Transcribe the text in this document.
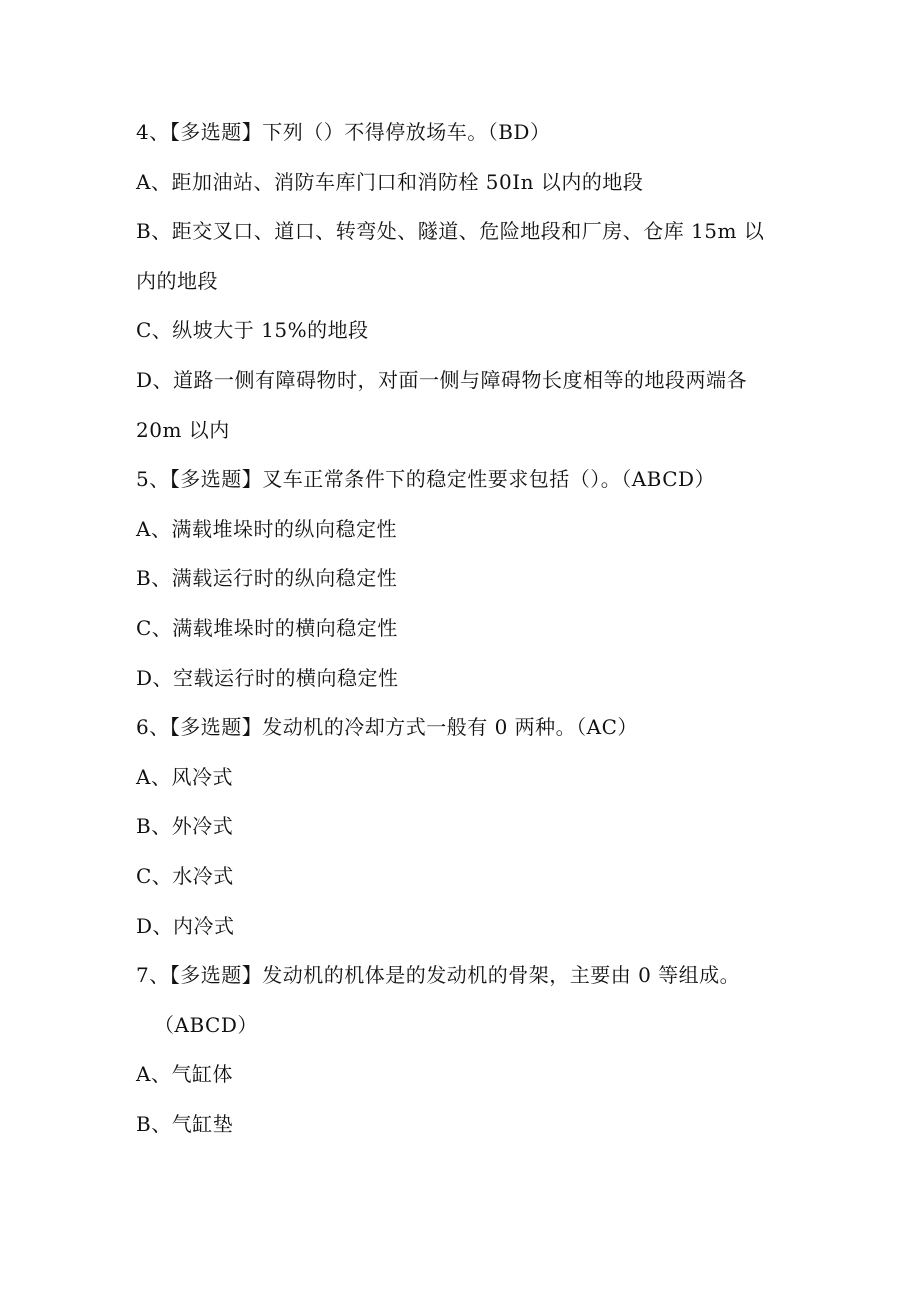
4、【多选题】下列（）不得停放场车。（BD）
A、距加油站、消防车库门口和消防栓 50In 以内的地段
B、距交叉口、道口、转弯处、隧道、危险地段和厂房、仓库 15m 以
内的地段
C、纵坡大于 15%的地段
D、道路一侧有障碍物时，对面一侧与障碍物长度相等的地段两端各
20m 以内
5、【多选题】叉车正常条件下的稳定性要求包括（）。（ABCD）
A、满载堆垛时的纵向稳定性
B、满载运行时的纵向稳定性
C、满载堆垛时的横向稳定性
D、空载运行时的横向稳定性
6、【多选题】发动机的冷却方式一般有 0 两种。（AC）
A、风冷式
B、外冷式
C、水冷式
D、内冷式
7、【多选题】发动机的机体是的发动机的骨架，主要由 0 等组成。
（ABCD）
A、气缸体
B、气缸垫
